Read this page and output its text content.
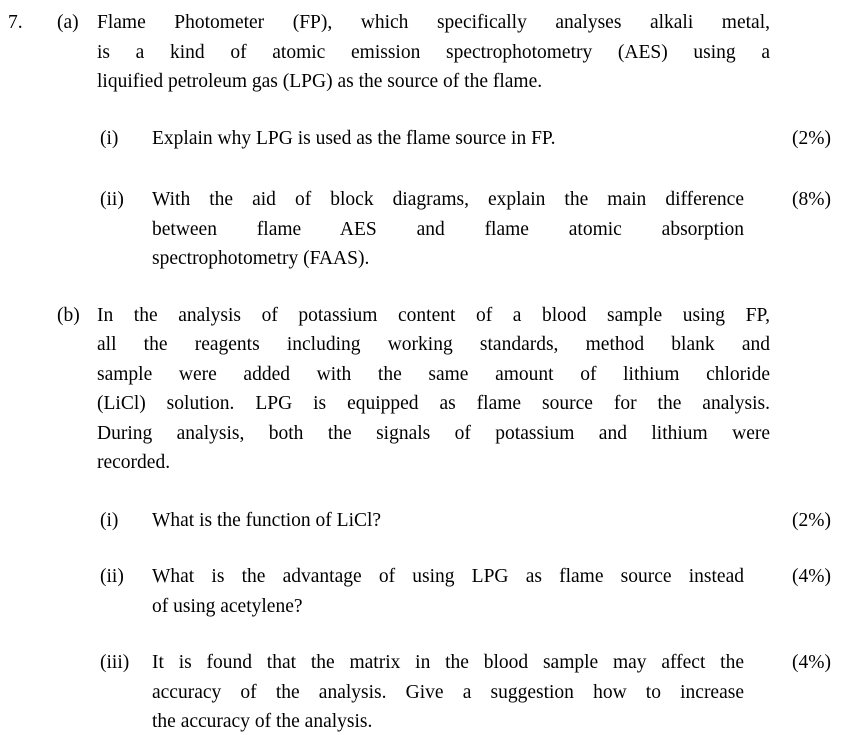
7.	(a) Flame Photometer (FP), which specifically analyses alkali metal,
is a kind of atomic emission spectrophotometry (AES) using a
liquified petroleum gas (LPG) as the source of the flame.
(i)	Explain why LPG is used as the flame source in FP.	(2%)
(ii)	With the aid of block diagrams, explain the main difference
between flame AES and flame atomic absorption
spectrophotometry (FAAS).
(8%)
(b) In the analysis of potassium content of a blood sample using FP,
all the reagents including working standards, method blank and
sample were added with the same amount of lithium chloride
(LiCl) solution. LPG is equipped as flame source for the analysis.
During analysis, both the signals of potassium and lithium were
recorded.
(i)	What is the function of LiCl?	(2%)
(ii)	What is the advantage of using LPG as flame source instead
of using acetylene?
(4%)
(iii)	It is found that the matrix in the blood sample may affect the
accuracy of the analysis. Give a suggestion how to increase
the accuracy of the analysis.
(4%)
